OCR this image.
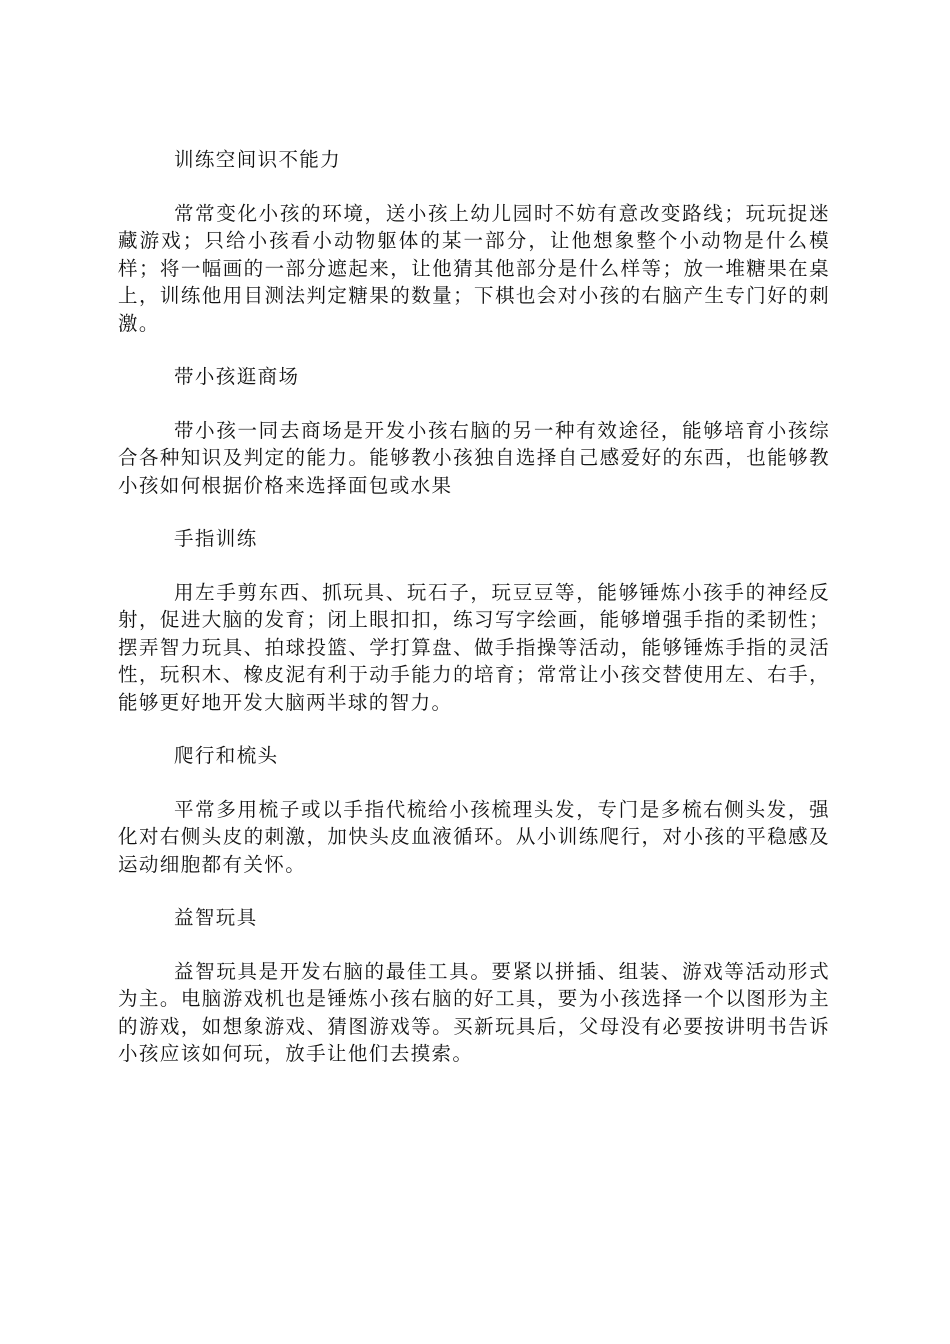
训练空间识不能力
常常变化小孩的环境，送小孩上幼儿园时不妨有意改变路线；玩玩捉迷藏游戏；只给小孩看小动物躯体的某一部分，让他想象整个小动物是什么模样；将一幅画的一部分遮起来，让他猜其他部分是什么样等；放一堆糖果在桌上，训练他用目测法判定糖果的数量；下棋也会对小孩的右脑产生专门好的刺激。
带小孩逛商场
带小孩一同去商场是开发小孩右脑的另一种有效途径，能够培育小孩综合各种知识及判定的能力。能够教小孩独自选择自己感爱好的东西，也能够教小孩如何根据价格来选择面包或水果
手指训练
用左手剪东西、抓玩具、玩石子，玩豆豆等，能够锤炼小孩手的神经反射，促进大脑的发育；闭上眼扣扣，练习写字绘画，能够增强手指的柔韧性；摆弄智力玩具、拍球投篮、学打算盘、做手指操等活动，能够锤炼手指的灵活性，玩积木、橡皮泥有利于动手能力的培育；常常让小孩交替使用左、右手，能够更好地开发大脑两半球的智力。
爬行和梳头
平常多用梳子或以手指代梳给小孩梳理头发，专门是多梳右侧头发，强化对右侧头皮的刺激，加快头皮血液循环。从小训练爬行，对小孩的平稳感及运动细胞都有关怀。
益智玩具
益智玩具是开发右脑的最佳工具。要紧以拼插、组装、游戏等活动形式为主。电脑游戏机也是锤炼小孩右脑的好工具，要为小孩选择一个以图形为主的游戏，如想象游戏、猜图游戏等。买新玩具后，父母没有必要按讲明书告诉小孩应该如何玩，放手让他们去摸索。
